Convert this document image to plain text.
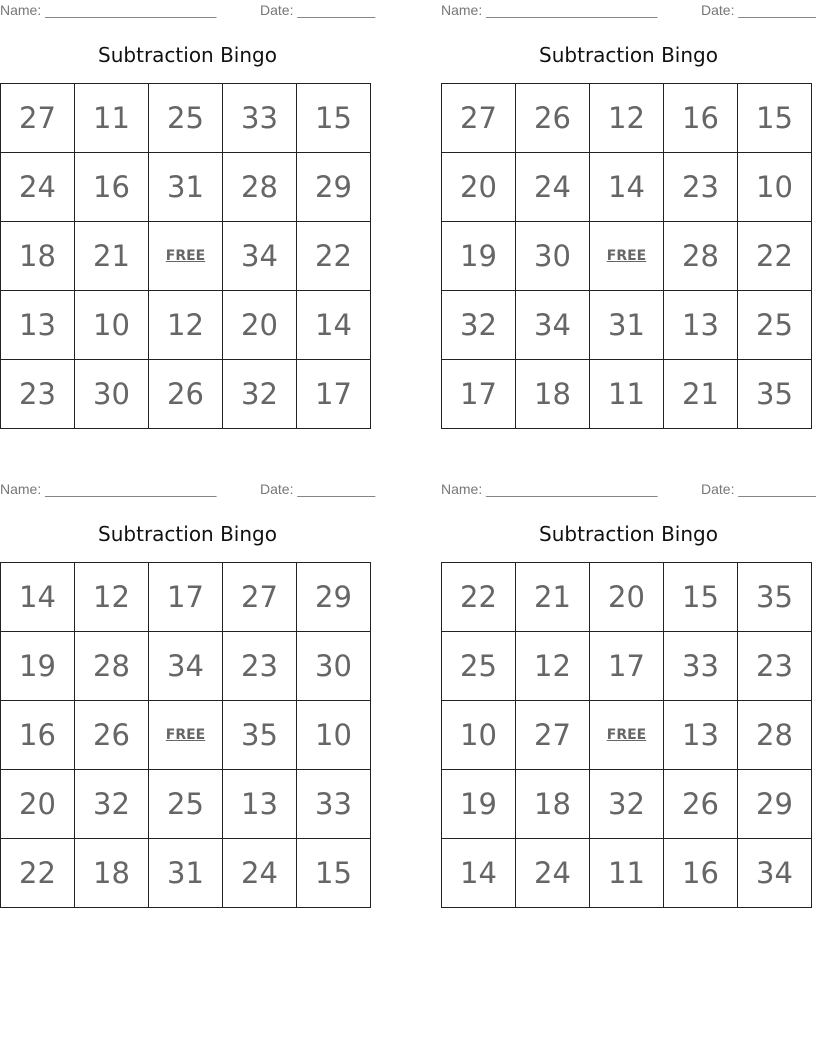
Name: ______________________	Date: __________
Subtraction Bingo
27	11	25	33	15
24	16	31	28	29
18	21	FREE	34	22
13	10	12	20	14
23	30	26	32	17
Name: ______________________	Date: __________
Subtraction Bingo
27	26	12	16	15
20	24	14	23	10
19	30	FREE	28	22
32	34	31	13	25
17	18	11	21	35
Name: ______________________	Date: __________
Subtraction Bingo
14	12	17	27	29
19	28	34	23	30
16	26	FREE	35	10
20	32	25	13	33
22	18	31	24	15
Name: ______________________	Date: __________
Subtraction Bingo
22	21	20	15	35
25	12	17	33	23
10	27	FREE	13	28
19	18	32	26	29
14	24	11	16	34
